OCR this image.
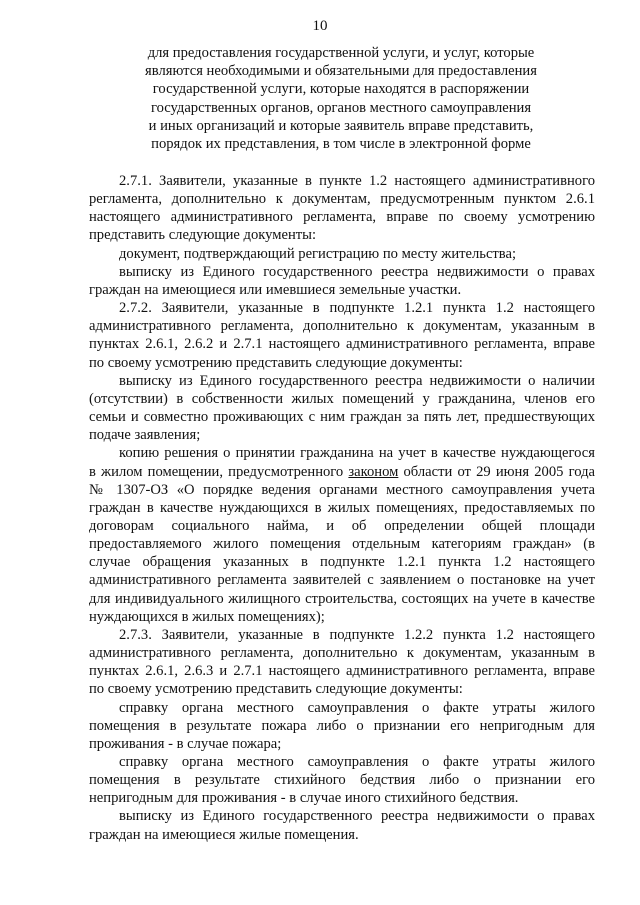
10
для предоставления государственной услуги, и услуг, которые
являются необходимыми и обязательными для предоставления
государственной услуги, которые находятся в распоряжении
государственных органов, органов местного самоуправления
и иных организаций и которые заявитель вправе представить,
порядок их представления, в том числе в электронной форме
2.7.1. Заявители, указанные в пункте 1.2 настоящего административного
регламента, дополнительно к документам, предусмотренным пунктом 2.6.1
настоящего административного регламента, вправе по своему усмотрению
представить следующие документы:
документ, подтверждающий регистрацию по месту жительства;
выписку из Единого государственного реестра недвижимости о правах
граждан на имеющиеся или имевшиеся земельные участки.
2.7.2. Заявители, указанные в подпункте 1.2.1 пункта 1.2 настоящего
административного регламента, дополнительно к документам, указанным в
пунктах 2.6.1, 2.6.2 и 2.7.1 настоящего административного регламента, вправе
по своему усмотрению представить следующие документы:
выписку из Единого государственного реестра недвижимости о наличии
(отсутствии) в собственности жилых помещений у гражданина, членов его
семьи и совместно проживающих с ним граждан за пять лет, предшествующих
подаче заявления;
копию решения о принятии гражданина на учет в качестве нуждающегося
в жилом помещении, предусмотренного законом области от 29 июня 2005 года
№ 1307-ОЗ «О порядке ведения органами местного самоуправления учета
граждан в качестве нуждающихся в жилых помещениях, предоставляемых по
договорам социального найма, и об определении общей площади
предоставляемого жилого помещения отдельным категориям граждан» (в
случае обращения указанных в подпункте 1.2.1 пункта 1.2 настоящего
административного регламента заявителей с заявлением о постановке на учет
для индивидуального жилищного строительства, состоящих на учете в качестве
нуждающихся в жилых помещениях);
2.7.3. Заявители, указанные в подпункте 1.2.2 пункта 1.2 настоящего
административного регламента, дополнительно к документам, указанным в
пунктах 2.6.1, 2.6.3 и 2.7.1 настоящего административного регламента, вправе
по своему усмотрению представить следующие документы:
справку органа местного самоуправления о факте утраты жилого
помещения в результате пожара либо о признании его непригодным для
проживания - в случае пожара;
справку органа местного самоуправления о факте утраты жилого
помещения в результате стихийного бедствия либо о признании его
непригодным для проживания - в случае иного стихийного бедствия.
выписку из Единого государственного реестра недвижимости о правах
граждан на имеющиеся жилые помещения.
